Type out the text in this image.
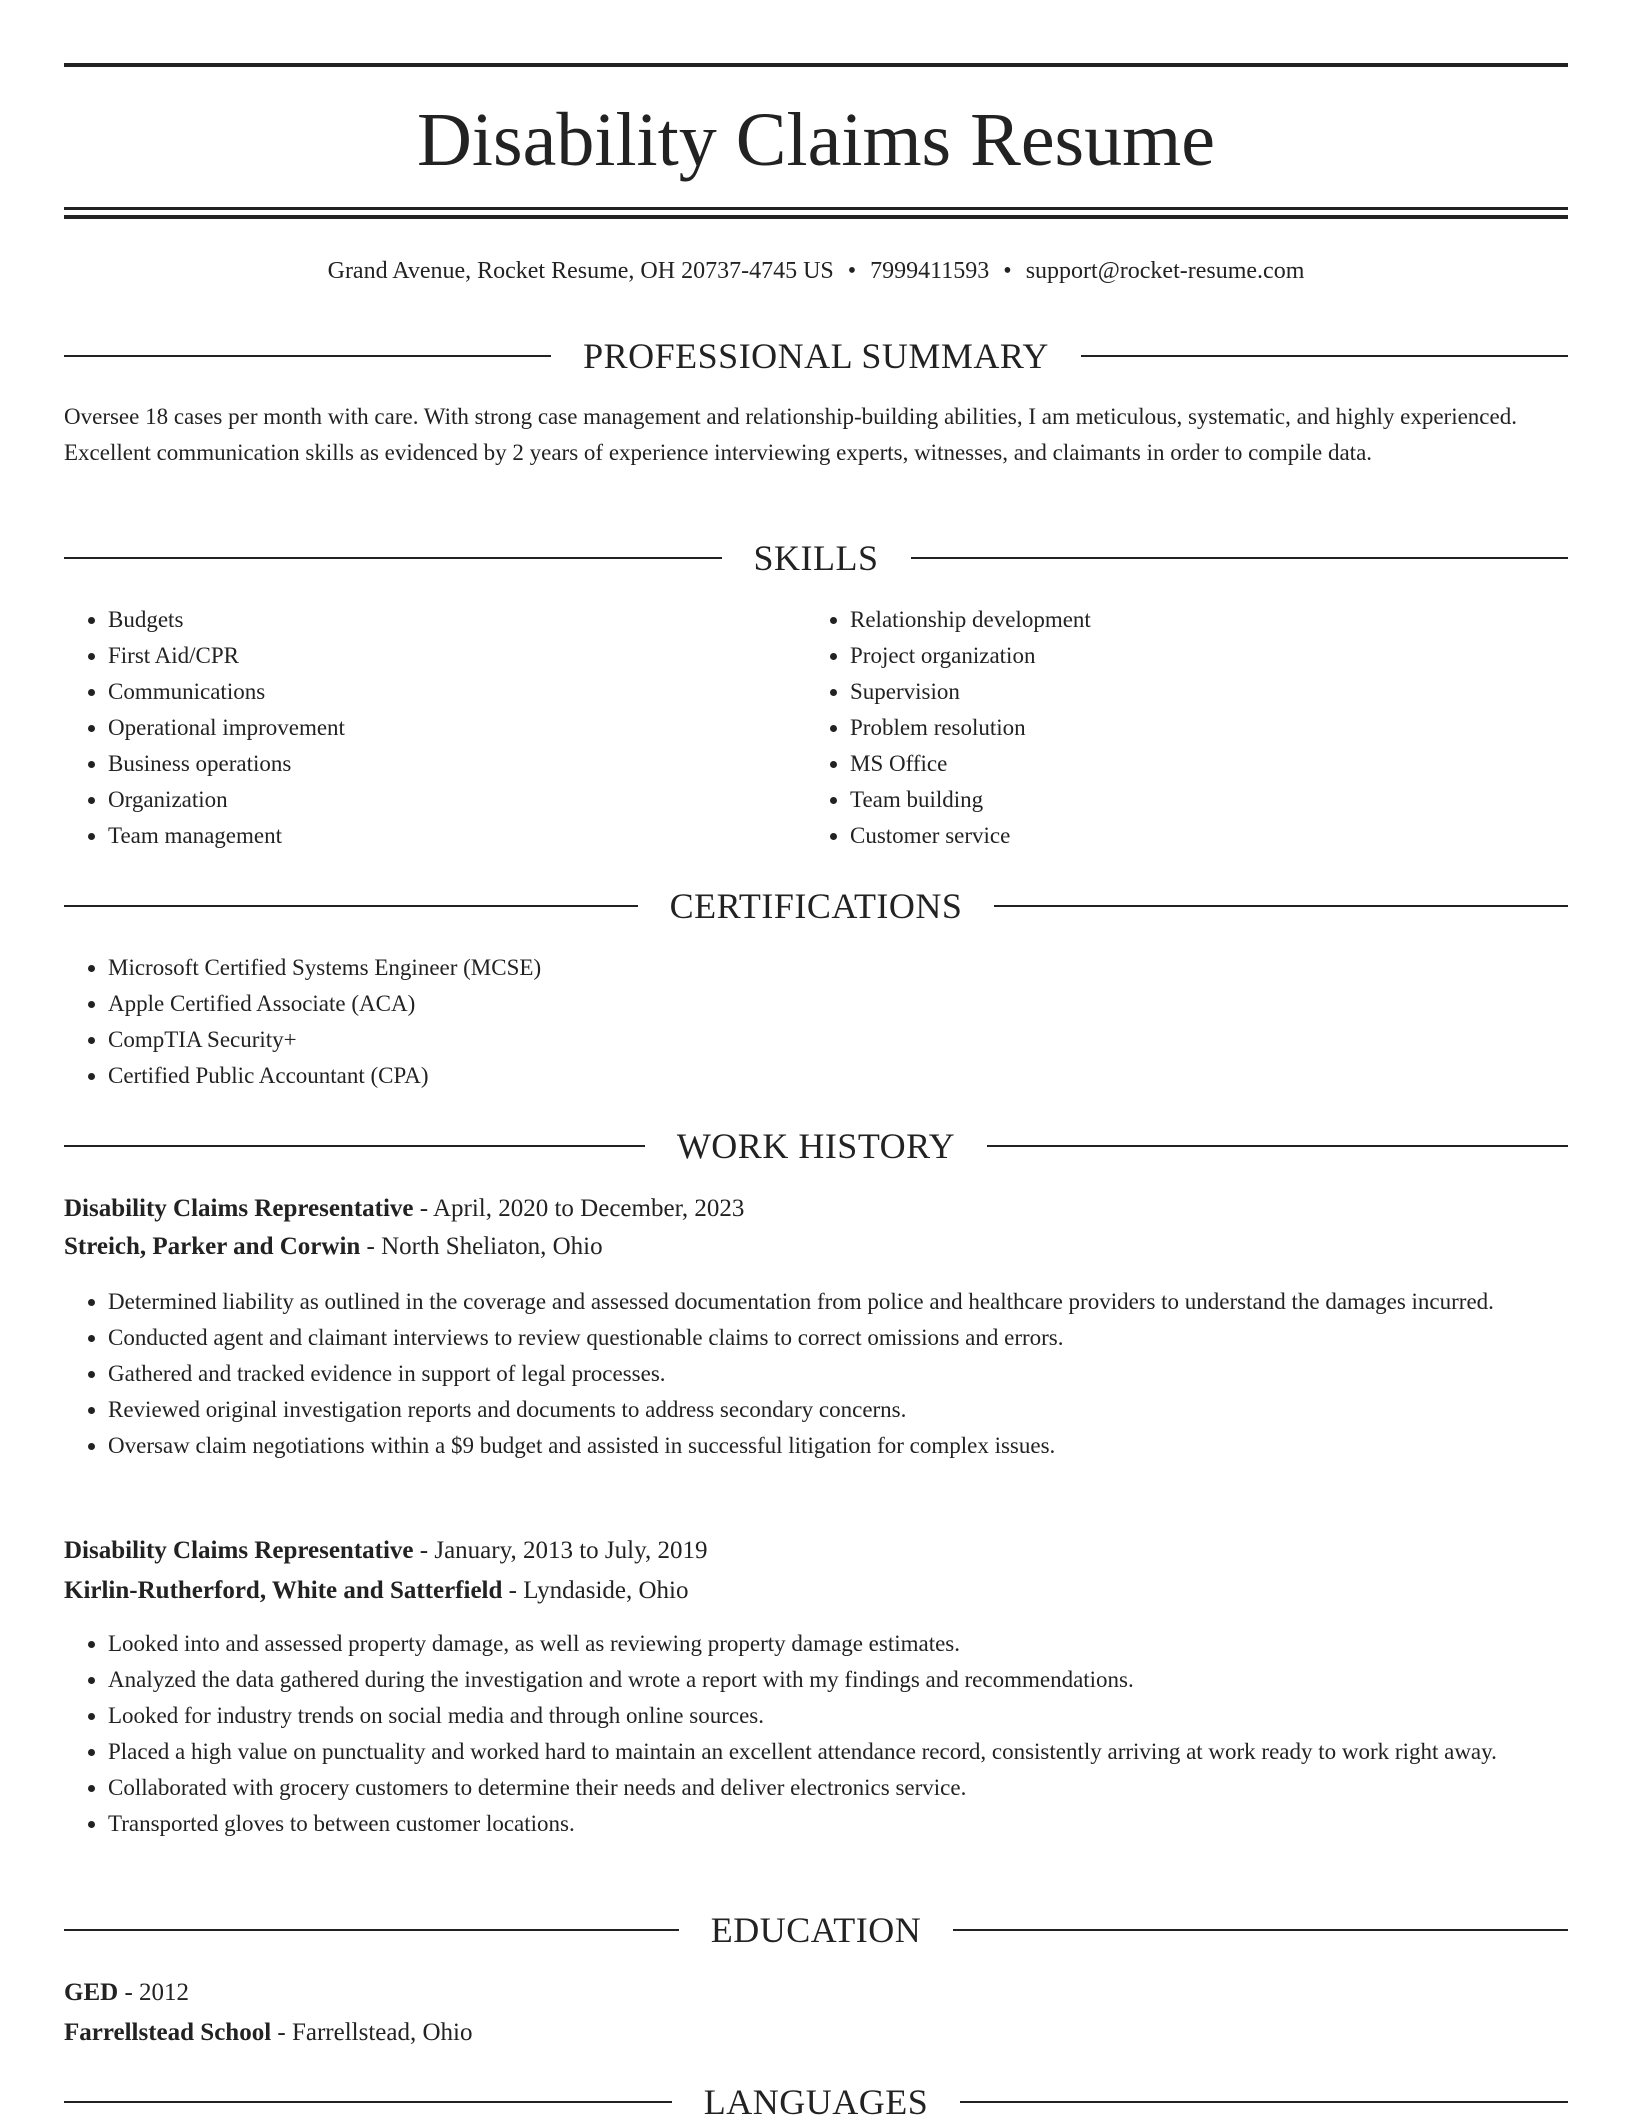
Disability Claims Resume
Grand Avenue, Rocket Resume, OH 20737-4745 US • 7999411593 • support@rocket-resume.com
PROFESSIONAL SUMMARY

Oversee 18 cases per month with care. With strong case management and relationship-building abilities, I am meticulous, systematic, and highly experienced. Excellent communication skills as evidenced by 2 years of experience interviewing experts, witnesses, and claimants in order to compile data.

SKILLS
• Budgets
• First Aid/CPR
• Communications
• Operational improvement
• Business operations
• Organization
• Team management
• Relationship development
• Project organization
• Supervision
• Problem resolution
• MS Office
• Team building
• Customer service
CERTIFICATIONS
• Microsoft Certified Systems Engineer (MCSE)
• Apple Certified Associate (ACA)
• CompTIA Security+
• Certified Public Accountant (CPA)
WORK HISTORY
Disability Claims Representative - April, 2020 to December, 2023
Streich, Parker and Corwin - North Sheliaton, Ohio
• Determined liability as outlined in the coverage and assessed documentation from police and healthcare providers to understand the damages incurred.
• Conducted agent and claimant interviews to review questionable claims to correct omissions and errors.
• Gathered and tracked evidence in support of legal processes.
• Reviewed original investigation reports and documents to address secondary concerns.
• Oversaw claim negotiations within a $9 budget and assisted in successful litigation for complex issues.
Disability Claims Representative - January, 2013 to July, 2019
Kirlin-Rutherford, White and Satterfield - Lyndaside, Ohio
• Looked into and assessed property damage, as well as reviewing property damage estimates.
• Analyzed the data gathered during the investigation and wrote a report with my findings and recommendations.
• Looked for industry trends on social media and through online sources.
• Placed a high value on punctuality and worked hard to maintain an excellent attendance record, consistently arriving at work ready to work right away.
• Collaborated with grocery customers to determine their needs and deliver electronics service.
• Transported gloves to between customer locations.
EDUCATION
GED - 2012
Farrellstead School - Farrellstead, Ohio
LANGUAGES
